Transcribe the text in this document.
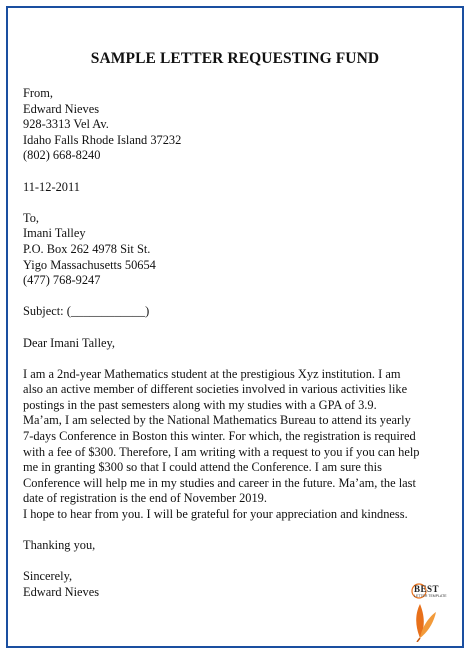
SAMPLE LETTER REQUESTING FUND
From,
Edward Nieves
928-3313 Vel Av.
Idaho Falls Rhode Island 37232
(802) 668-8240
11-12-2011
To,
Imani Talley
P.O. Box 262 4978 Sit St.
Yigo Massachusetts 50654
(477) 768-9247
Subject: (____________)
Dear Imani Talley,
I am a 2nd-year Mathematics student at the prestigious Xyz institution. I am
also an active member of different societies involved in various activities like
postings in the past semesters along with my studies with a GPA of 3.9.
Ma’am, I am selected by the National Mathematics Bureau to attend its yearly
7-days Conference in Boston this winter. For which, the registration is required
with a fee of $300. Therefore, I am writing with a request to you if you can help
me in granting $300 so that I could attend the Conference. I am sure this
Conference will help me in my studies and career in the future. Ma’am, the last
date of registration is the end of November 2019.
I hope to hear from you. I will be grateful for your appreciation and kindness.
Thanking you,
Sincerely,
Edward Nieves	BEST
LETTER TEMPLATE
